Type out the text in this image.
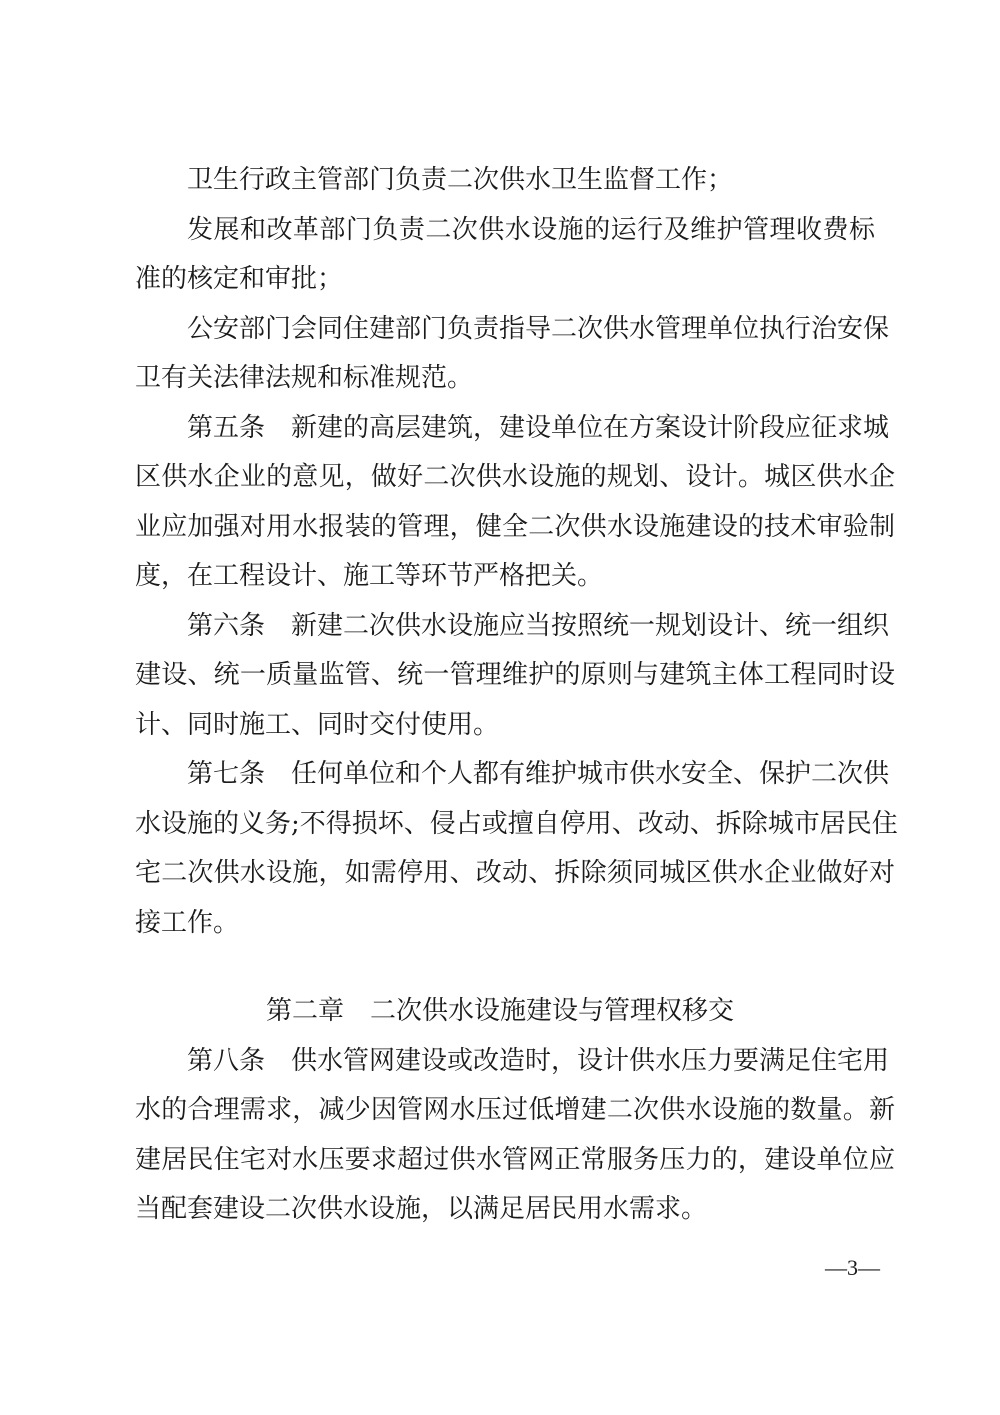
卫生行政主管部门负责二次供水卫生监督工作；
发展和改革部门负责二次供水设施的运行及维护管理收费标
准的核定和审批；
公安部门会同住建部门负责指导二次供水管理单位执行治安保
卫有关法律法规和标准规范。
第五条　新建的高层建筑，建设单位在方案设计阶段应征求城
区供水企业的意见，做好二次供水设施的规划、设计。城区供水企
业应加强对用水报装的管理，健全二次供水设施建设的技术审验制
度，在工程设计、施工等环节严格把关。
第六条　新建二次供水设施应当按照统一规划设计、统一组织
建设、统一质量监管、统一管理维护的原则与建筑主体工程同时设
计、同时施工、同时交付使用。
第七条　任何单位和个人都有维护城市供水安全、保护二次供
水设施的义务;不得损坏、侵占或擅自停用、改动、拆除城市居民住
宅二次供水设施，如需停用、改动、拆除须同城区供水企业做好对
接工作。
第二章　二次供水设施建设与管理权移交
第八条　供水管网建设或改造时，设计供水压力要满足住宅用
水的合理需求，减少因管网水压过低增建二次供水设施的数量。新
建居民住宅对水压要求超过供水管网正常服务压力的，建设单位应
当配套建设二次供水设施，以满足居民用水需求。
—3—
